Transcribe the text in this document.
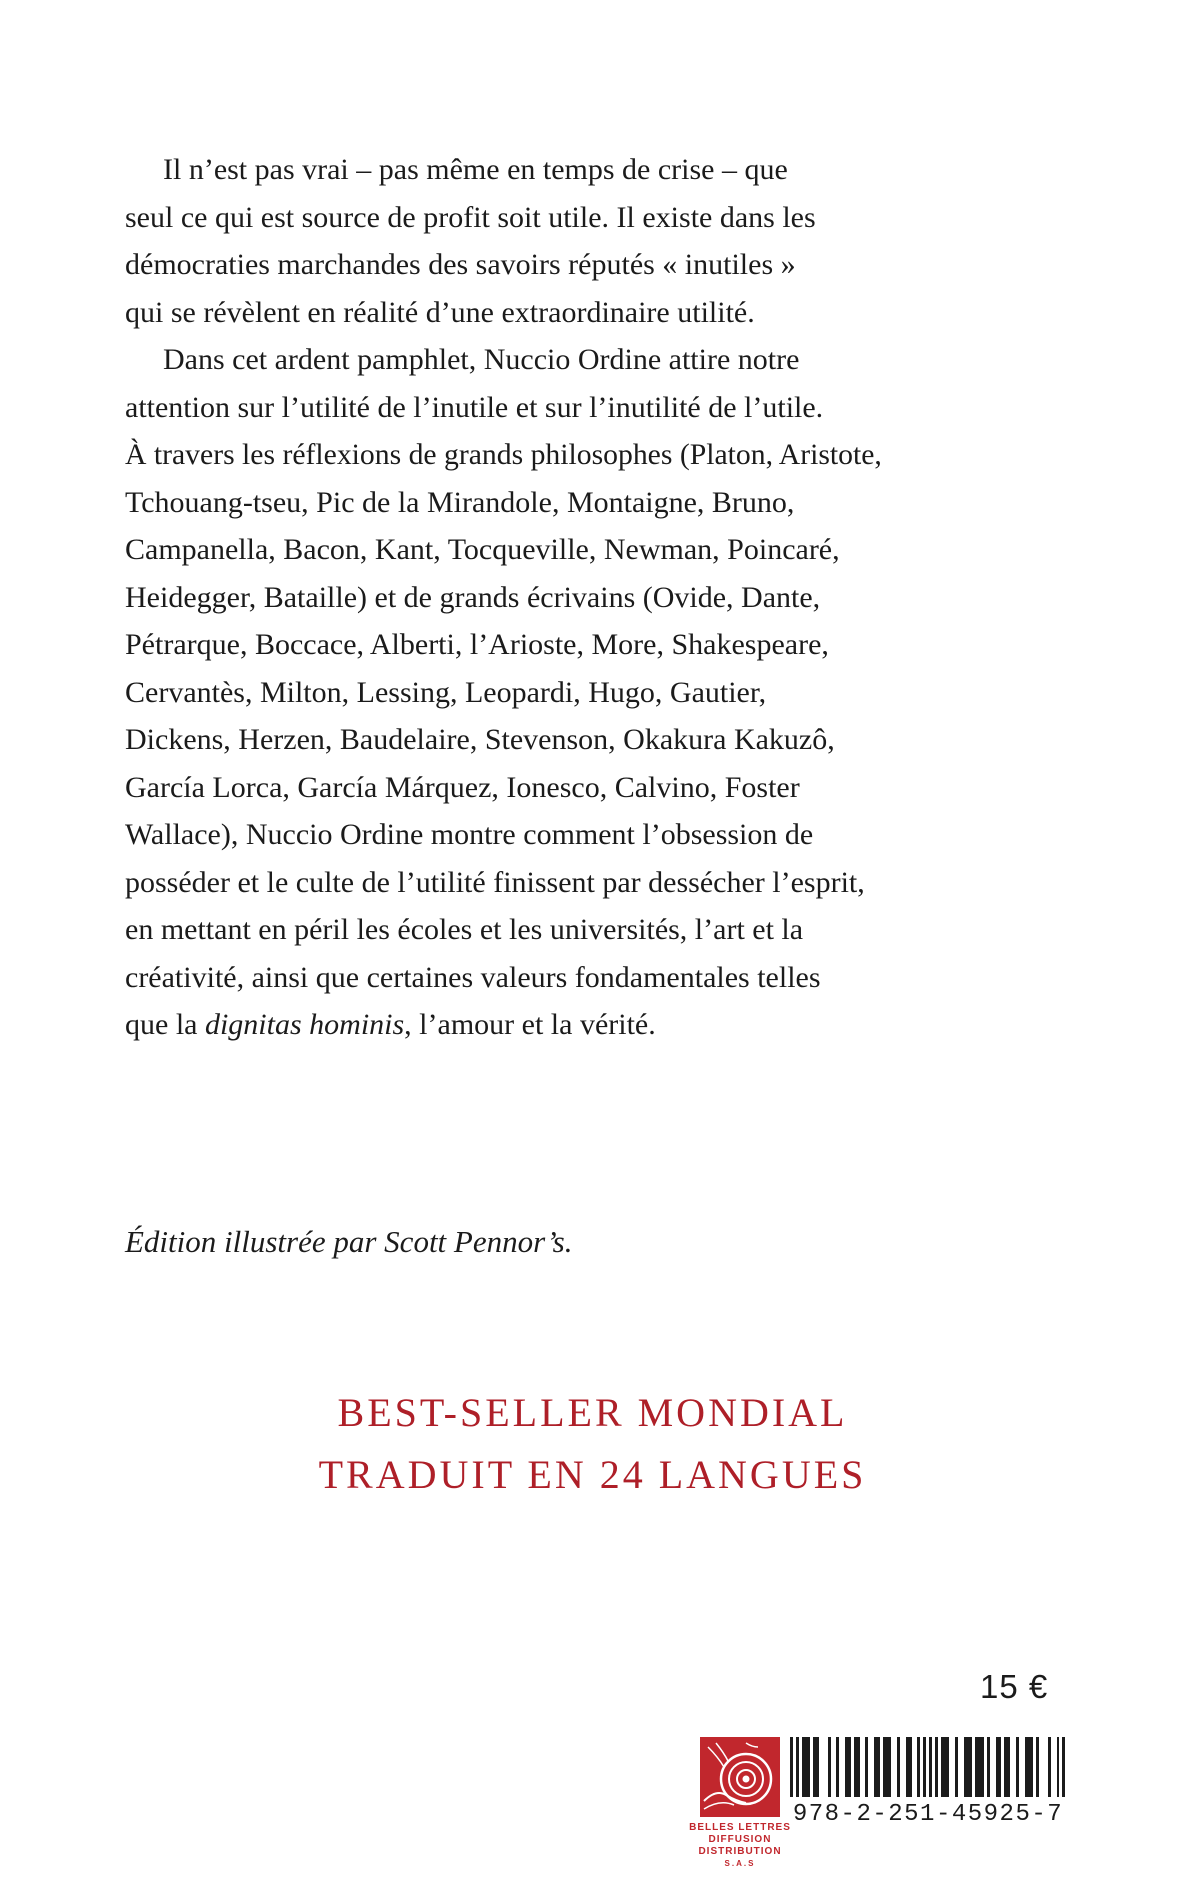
Il n’est pas vrai – pas même en temps de crise – que
seul ce qui est source de profit soit utile. Il existe dans les
démocraties marchandes des savoirs réputés « inutiles »
qui se révèlent en réalité d’une extraordinaire utilité.
Dans cet ardent pamphlet, Nuccio Ordine attire notre
attention sur l’utilité de l’inutile et sur l’inutilité de l’utile.
À travers les réflexions de grands philosophes (Platon, Aristote,
Tchouang-tseu, Pic de la Mirandole, Montaigne, Bruno,
Campanella, Bacon, Kant, Tocqueville, Newman, Poincaré,
Heidegger, Bataille) et de grands écrivains (Ovide, Dante,
Pétrarque, Boccace, Alberti, l’Arioste, More, Shakespeare,
Cervantès, Milton, Lessing, Leopardi, Hugo, Gautier,
Dickens, Herzen, Baudelaire, Stevenson, Okakura Kakuzô,
García Lorca, García Márquez, Ionesco, Calvino, Foster
Wallace), Nuccio Ordine montre comment l’obsession de
posséder et le culte de l’utilité finissent par dessécher l’esprit,
en mettant en péril les écoles et les universités, l’art et la
créativité, ainsi que certaines valeurs fondamentales telles
que la dignitas hominis, l’amour et la vérité.
Édition illustrée par Scott Pennor’s.
BEST-SELLER MONDIAL
TRADUIT EN 24 LANGUES
15 €
BELLES LETTRES
DIFFUSION
DISTRIBUTION
S.A.S
978-2-251-45925-7
